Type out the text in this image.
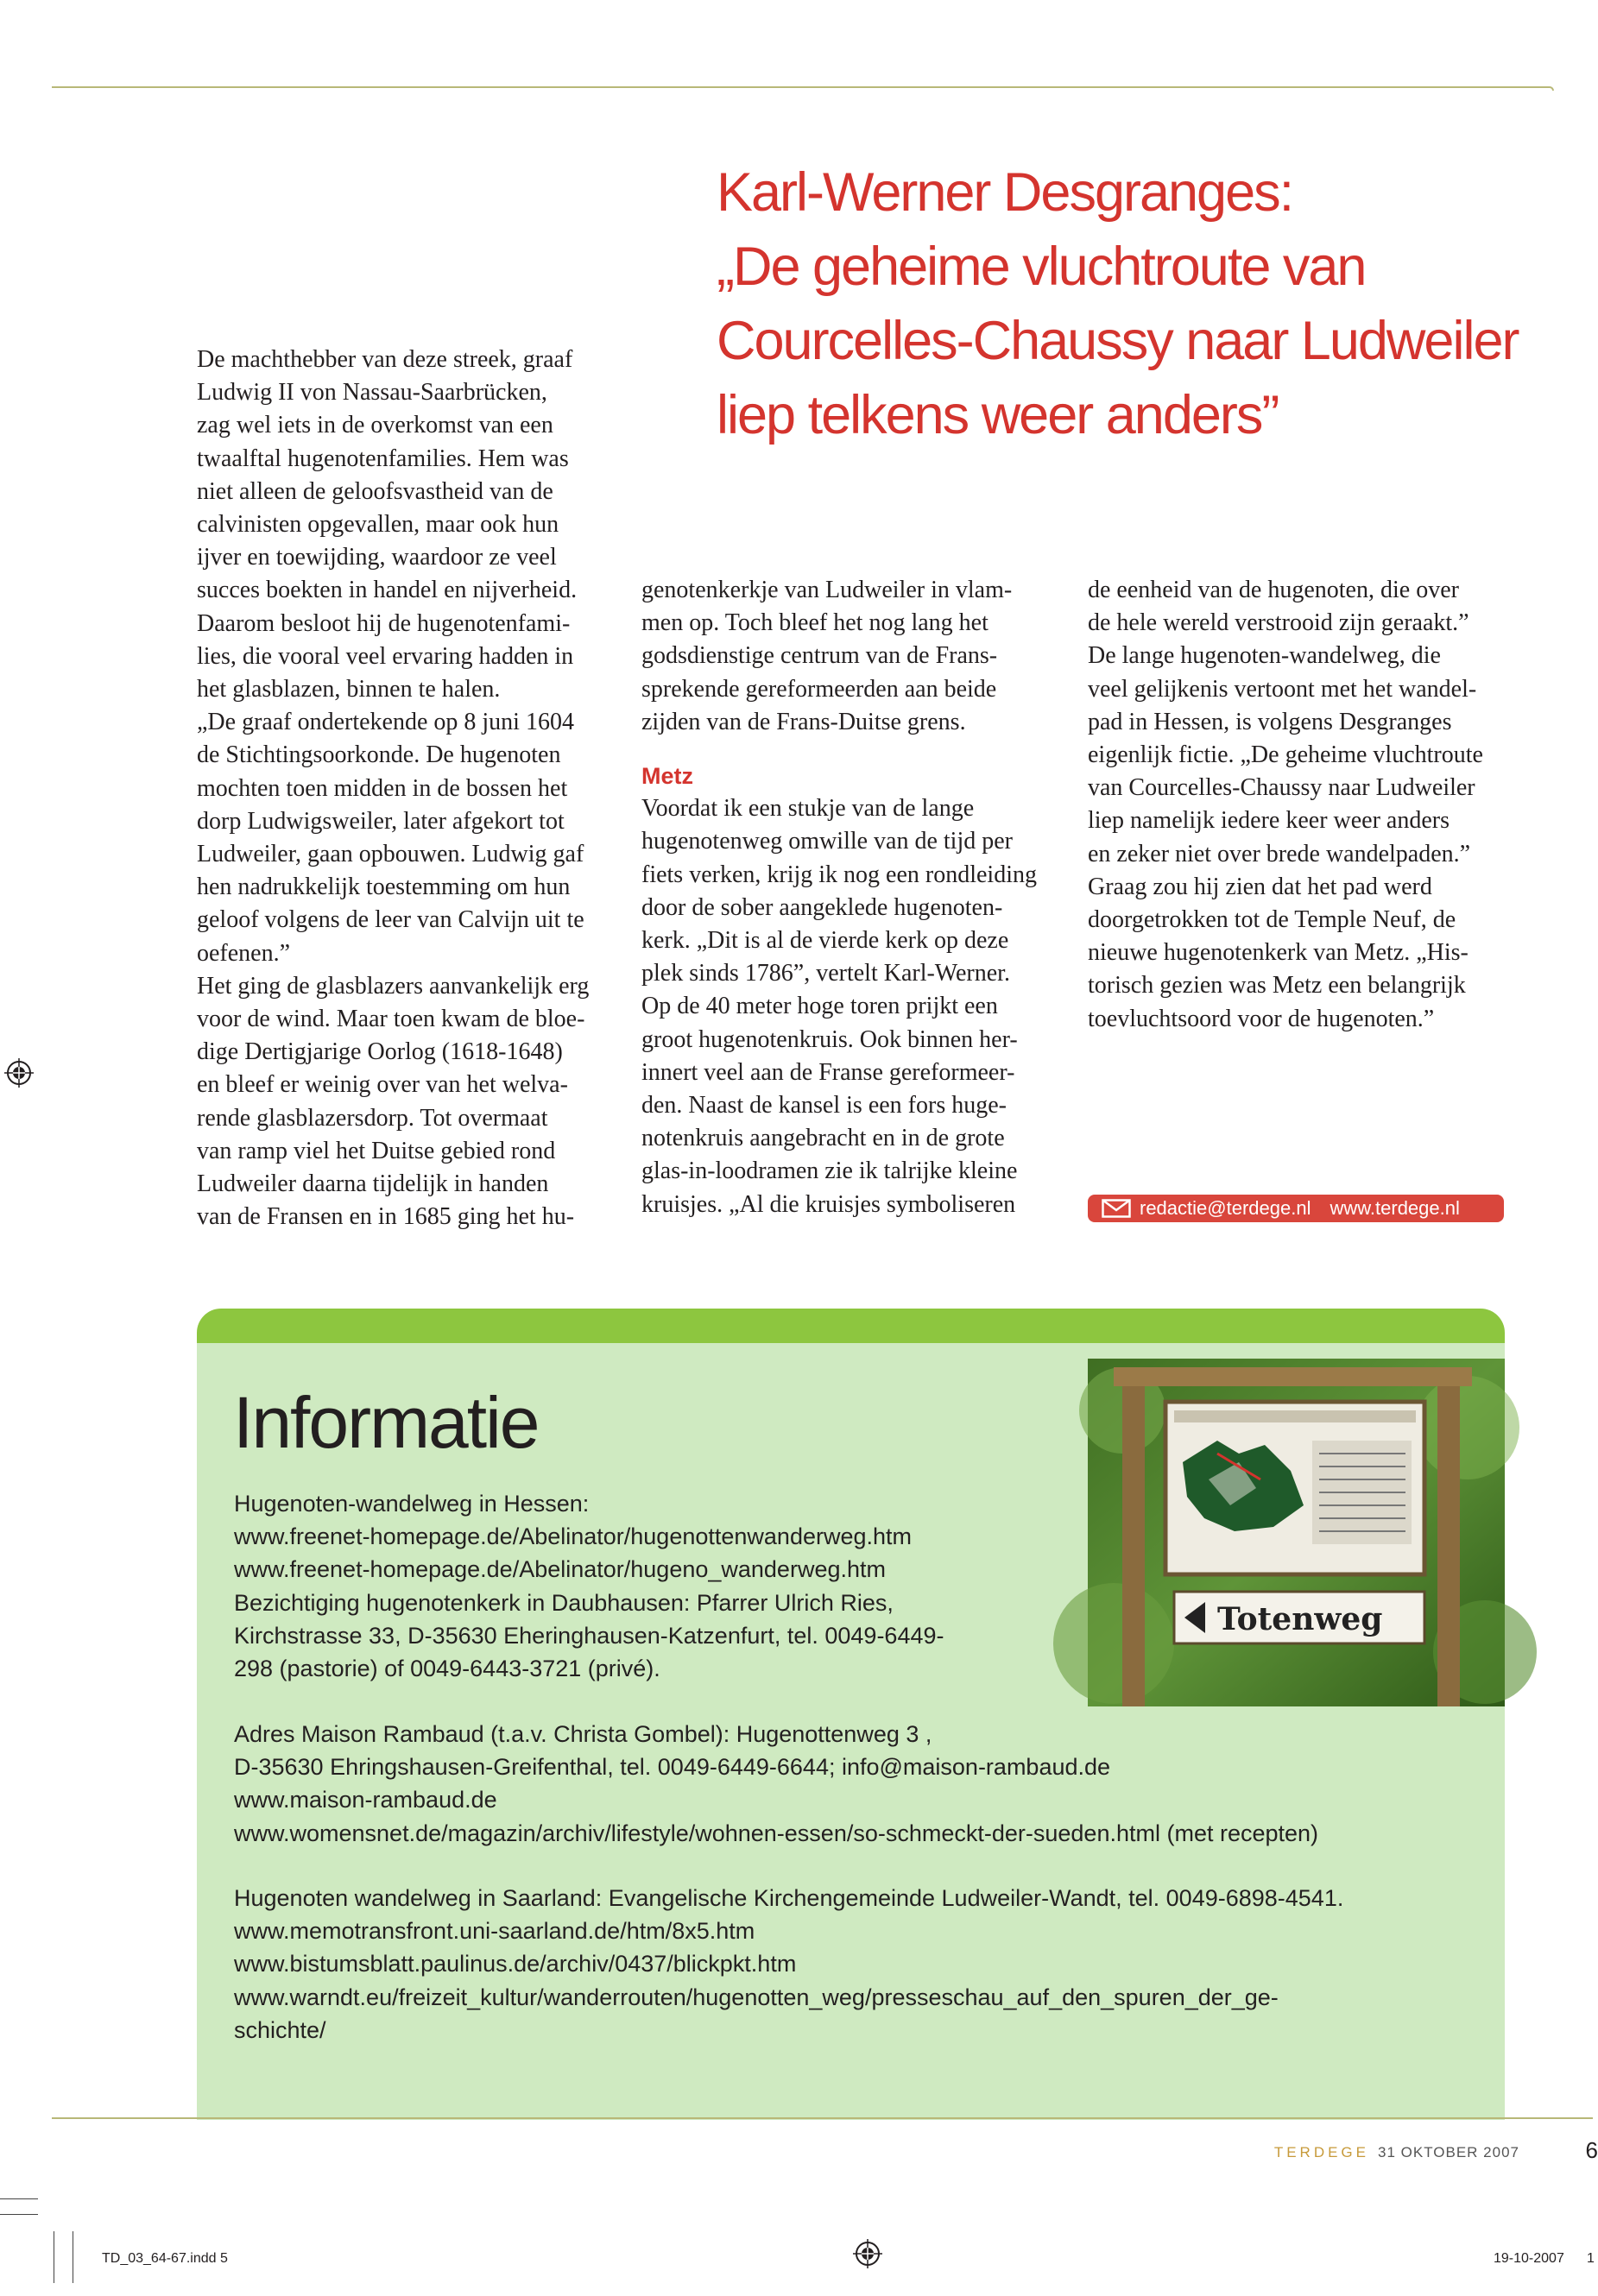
Karl-Werner Desgranges:
„De geheime vluchtroute van
Courcelles-Chaussy naar Ludweiler
liep telkens weer anders”
De machthebber van deze streek, graaf
Ludwig II von Nassau-Saarbrücken,
zag wel iets in de overkomst van een
twaalftal hugenotenfamilies. Hem was
niet alleen de geloofsvastheid van de
calvinisten opgevallen, maar ook hun
ijver en toewijding, waardoor ze veel
succes boekten in handel en nijverheid.
Daarom besloot hij de hugenotenfami-
lies, die vooral veel ervaring hadden in
het glasblazen, binnen te halen.
„De graaf ondertekende op 8 juni 1604
de Stichtingsoorkonde. De hugenoten
mochten toen midden in de bossen het
dorp Ludwigsweiler, later afgekort tot
Ludweiler, gaan opbouwen. Ludwig gaf
hen nadrukkelijk toestemming om hun
geloof volgens de leer van Calvijn uit te
oefenen.”
Het ging de glasblazers aanvankelijk erg
voor de wind. Maar toen kwam de bloe-
dige Dertigjarige Oorlog (1618-1648)
en bleef er weinig over van het welva-
rende glasblazersdorp. Tot overmaat
van ramp viel het Duitse gebied rond
Ludweiler daarna tijdelijk in handen
van de Fransen en in 1685 ging het hu-
genotenkerkje van Ludweiler in vlam-
men op. Toch bleef het nog lang het
godsdienstige centrum van de Frans-
sprekende gereformeerden aan beide
zijden van de Frans-Duitse grens.
Metz
Voordat ik een stukje van de lange
hugenotenweg omwille van de tijd per
fiets verken, krijg ik nog een rondleiding
door de sober aangeklede hugenoten-
kerk. „Dit is al de vierde kerk op deze
plek sinds 1786”, vertelt Karl-Werner.
Op de 40 meter hoge toren prijkt een
groot hugenotenkruis. Ook binnen her-
innert veel aan de Franse gereformeer-
den. Naast de kansel is een fors huge-
notenkruis aangebracht en in de grote
glas-in-loodramen zie ik talrijke kleine
kruisjes. „Al die kruisjes symboliseren
de eenheid van de hugenoten, die over
de hele wereld verstrooid zijn geraakt.”
De lange hugenoten-wandelweg, die
veel gelijkenis vertoont met het wandel-
pad in Hessen, is volgens Desgranges
eigenlijk fictie. „De geheime vluchtroute
van Courcelles-Chaussy naar Ludweiler
liep namelijk iedere keer weer anders
en zeker niet over brede wandelpaden.”
Graag zou hij zien dat het pad werd
doorgetrokken tot de Temple Neuf, de
nieuwe hugenotenkerk van Metz. „His-
torisch gezien was Metz een belangrijk
toevluchtsoord voor de hugenoten.”
redactie@terdege.nl www.terdege.nl
Informatie
Totenweg
Hugenoten-wandelweg in Hessen:
www.freenet-homepage.de/Abelinator/hugenottenwanderweg.htm
www.freenet-homepage.de/Abelinator/hugeno_wanderweg.htm
Bezichtiging hugenotenkerk in Daubhausen: Pfarrer Ulrich Ries,
Kirchstrasse 33, D-35630 Eheringhausen-Katzenfurt, tel. 0049-6449-
298 (pastorie) of 0049-6443-3721 (privé).
Adres Maison Rambaud (t.a.v. Christa Gombel): Hugenottenweg 3 ,
D-35630 Ehringshausen-Greifenthal, tel. 0049-6449-6644; info@maison-rambaud.de
www.maison-rambaud.de
www.womensnet.de/magazin/archiv/lifestyle/wohnen-essen/so-schmeckt-der-sueden.html (met recepten)
Hugenoten wandelweg in Saarland: Evangelische Kirchengemeinde Ludweiler-Wandt, tel. 0049-6898-4541.
www.memotransfront.uni-saarland.de/htm/8x5.htm
www.bistumsblatt.paulinus.de/archiv/0437/blickpkt.htm
www.warndt.eu/freizeit_kultur/wanderrouten/hugenotten_weg/presseschau_auf_den_spuren_der_ge-
schichte/
TERDEGE 31 OKTOBER 2007	6
TD_03_64-67.indd 5	19-10-2007 1
